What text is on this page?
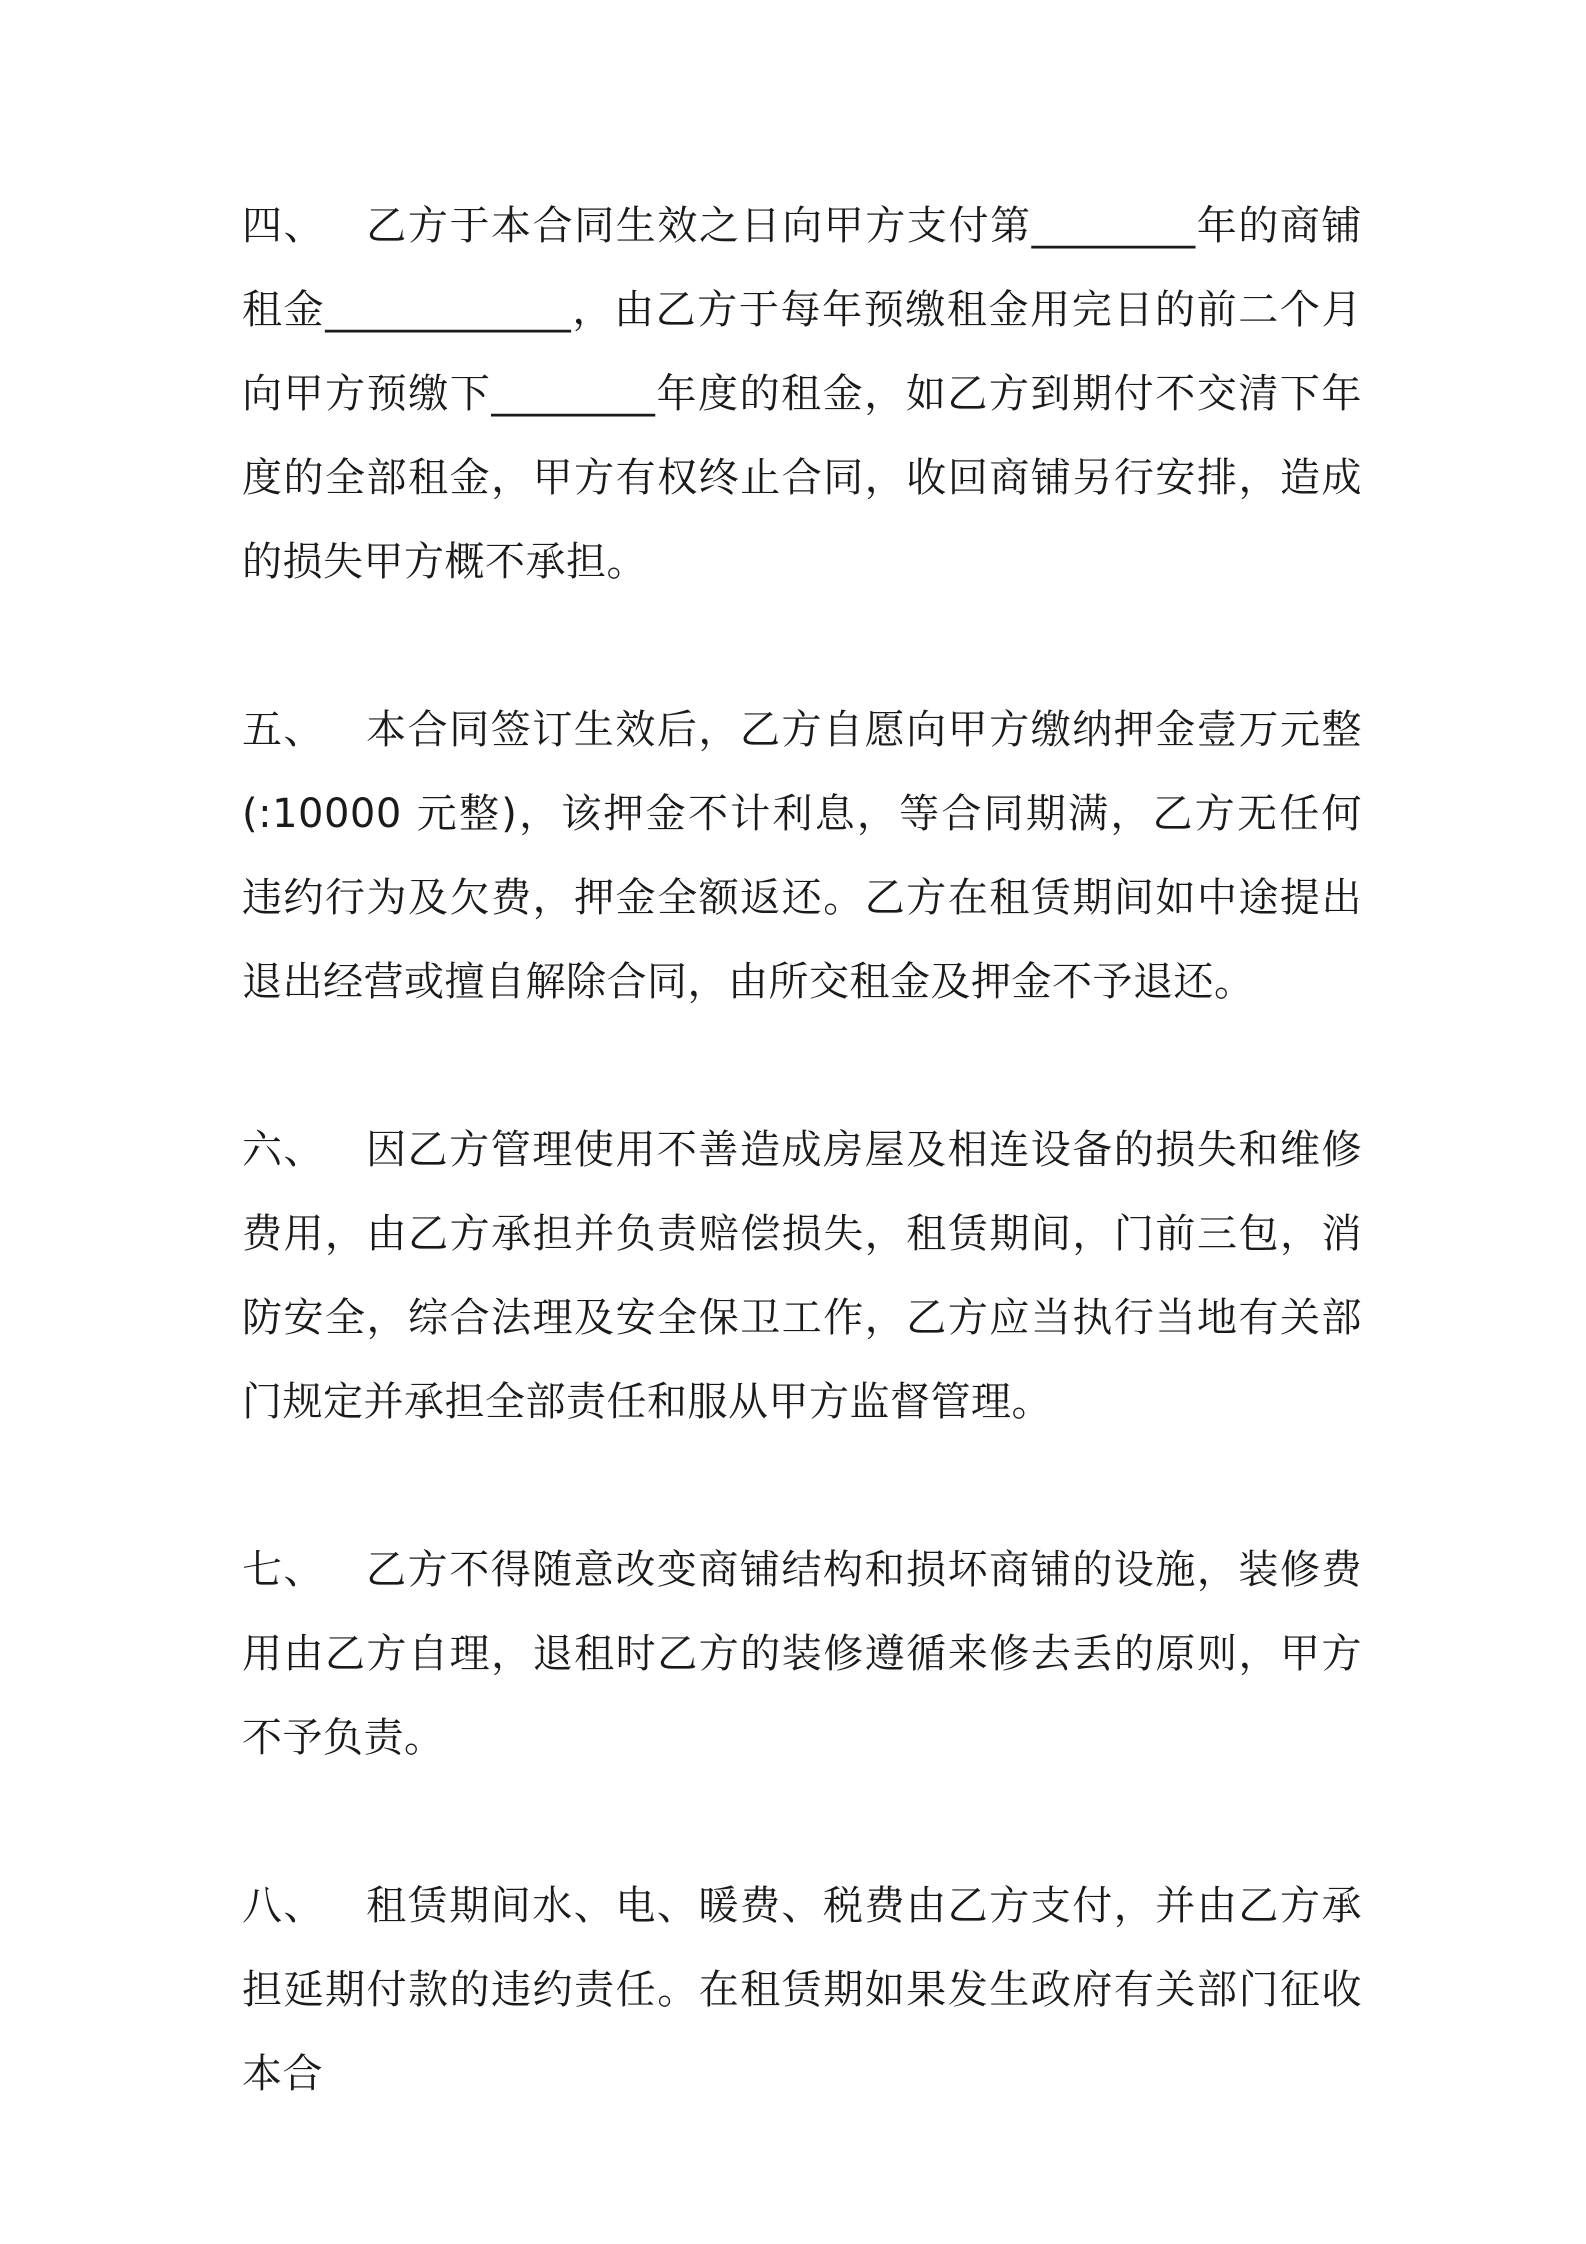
四、 乙方于本合同生效之日向甲方支付第________年的商铺租金____________，由乙方于每年预缴租金用完日的前二个月向甲方预缴下________年度的租金，如乙方到期付不交清下年度的全部租金，甲方有权终止合同，收回商铺另行安排，造成的损失甲方概不承担。

五、 本合同签订生效后，乙方自愿向甲方缴纳押金壹万元整(:10000 元整)，该押金不计利息，等合同期满，乙方无任何违约行为及欠费，押金全额返还。乙方在租赁期间如中途提出退出经营或擅自解除合同，由所交租金及押金不予退还。

六、 因乙方管理使用不善造成房屋及相连设备的损失和维修费用，由乙方承担并负责赔偿损失，租赁期间，门前三包，消防安全，综合法理及安全保卫工作，乙方应当执行当地有关部门规定并承担全部责任和服从甲方监督管理。

七、 乙方不得随意改变商铺结构和损坏商铺的设施，装修费用由乙方自理，退租时乙方的装修遵循来修去丢的原则，甲方不予负责。

八、 租赁期间水、电、暖费、税费由乙方支付，并由乙方承担延期付款的违约责任。在租赁期如果发生政府有关部门征收本合
